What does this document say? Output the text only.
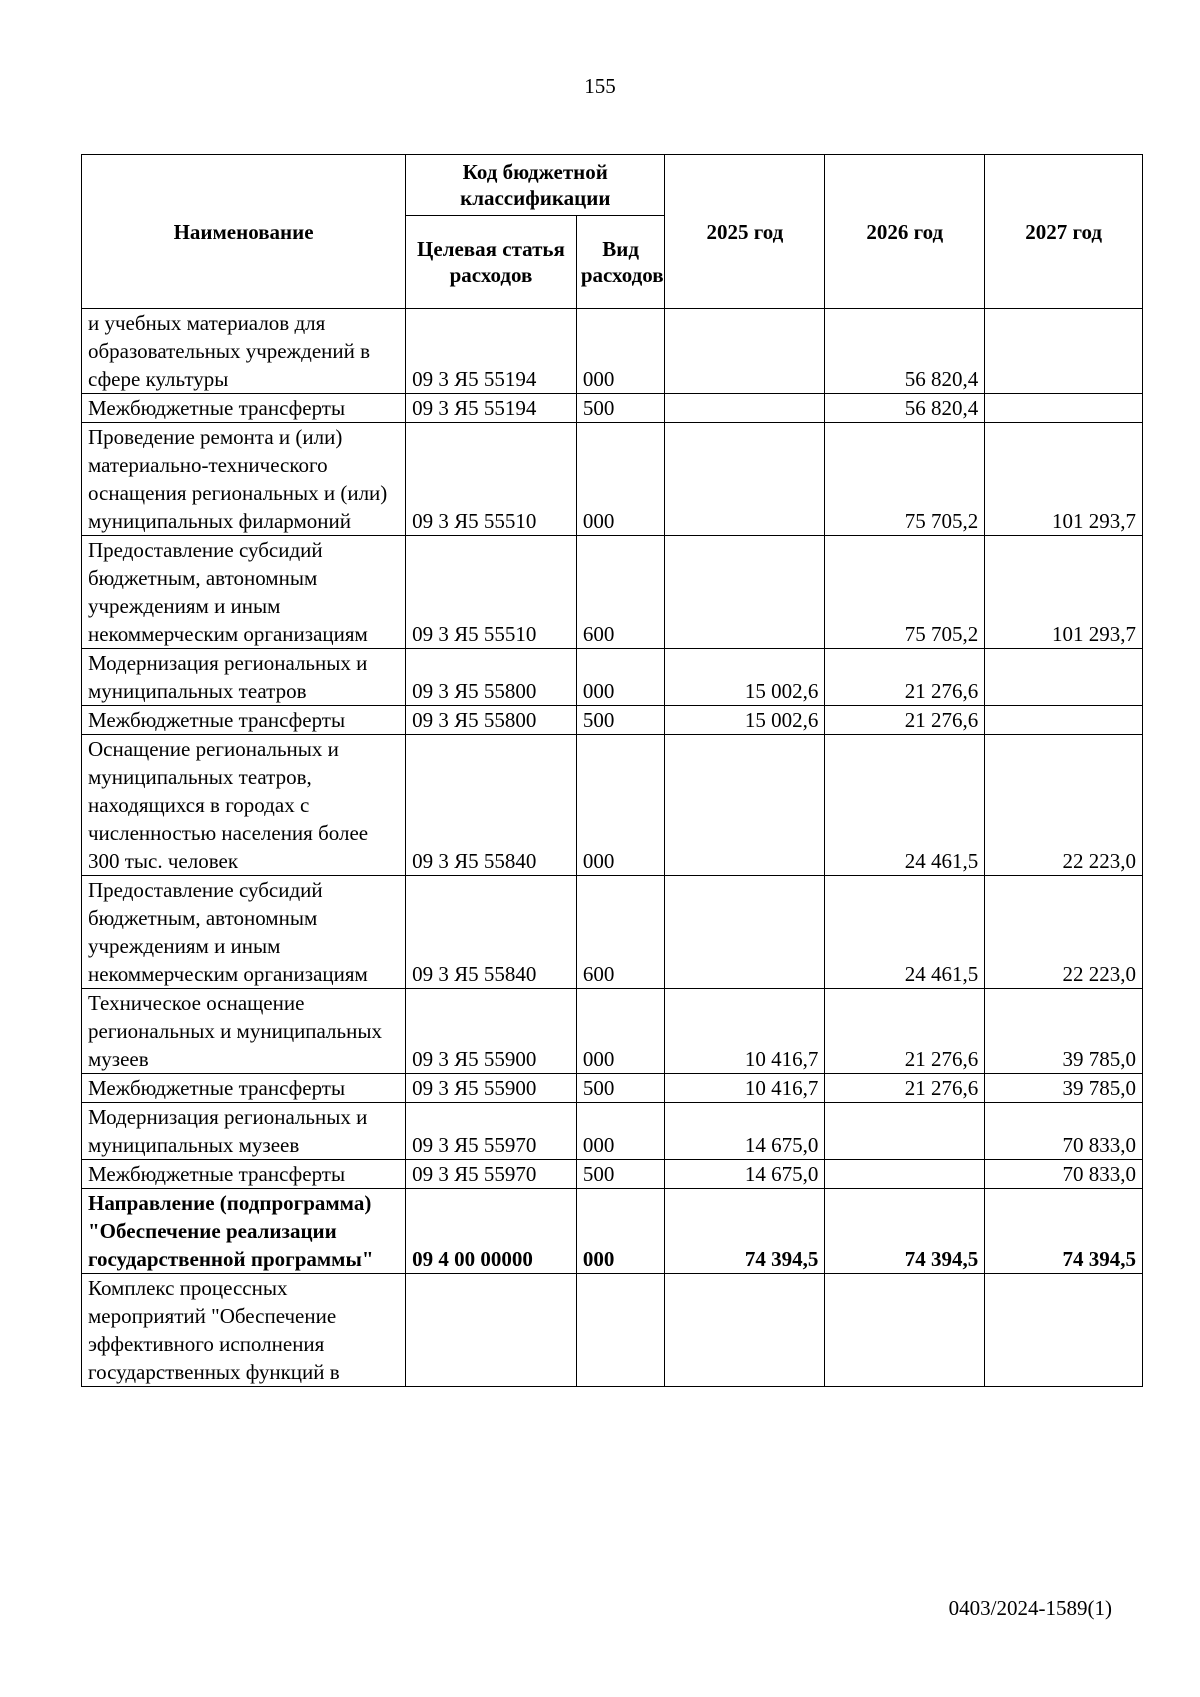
155
Наименование	Код бюджетной классификации		2025 год	2026 год	2027 год
	Целевая статья расходов	Вид расходов			
и учебных материалов для образовательных учреждений в сфере культуры	09 3 Я5 55194	000		56 820,4	
Межбюджетные трансферты	09 3 Я5 55194	500		56 820,4	
Проведение ремонта и (или) материально-технического оснащения региональных и (или) муниципальных филармоний	09 3 Я5 55510	000		75 705,2	101 293,7
Предоставление субсидий бюджетным, автономным учреждениям и иным некоммерческим организациям	09 3 Я5 55510	600		75 705,2	101 293,7
Модернизация региональных и муниципальных театров	09 3 Я5 55800	000	15 002,6	21 276,6	
Межбюджетные трансферты	09 3 Я5 55800	500	15 002,6	21 276,6	
Оснащение региональных и муниципальных театров, находящихся в городах с численностью населения более 300 тыс. человек	09 3 Я5 55840	000		24 461,5	22 223,0
Предоставление субсидий бюджетным, автономным учреждениям и иным некоммерческим организациям	09 3 Я5 55840	600		24 461,5	22 223,0
Техническое оснащение региональных и муниципальных музеев	09 3 Я5 55900	000	10 416,7	21 276,6	39 785,0
Межбюджетные трансферты	09 3 Я5 55900	500	10 416,7	21 276,6	39 785,0
Модернизация региональных и муниципальных музеев	09 3 Я5 55970	000	14 675,0		70 833,0
Межбюджетные трансферты	09 3 Я5 55970	500	14 675,0		70 833,0
Направление (подпрограмма) "Обеспечение реализации государственной программы"	09 4 00 00000	000	74 394,5	74 394,5	74 394,5
Комплекс процессных мероприятий "Обеспечение эффективного исполнения государственных функций в					
0403/2024-1589(1)
